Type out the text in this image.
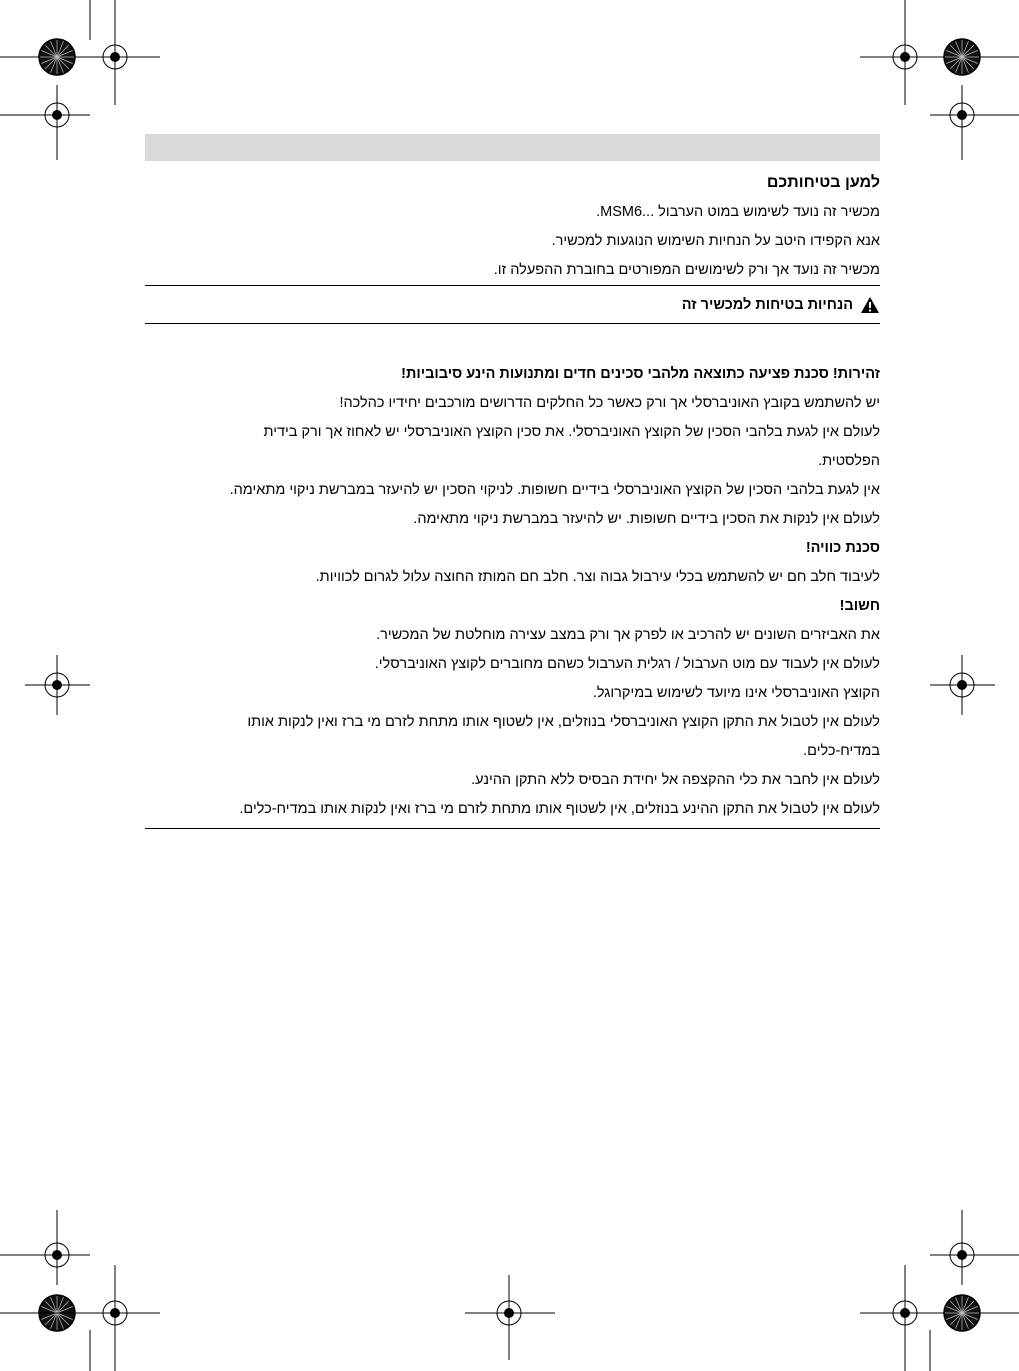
למען בטיחותכם
מכשיר זה נועד לשימוש במוט הערבול ...MSM6.
אנא הקפידו היטב על הנחיות השימוש הנוגעות למכשיר.
מכשיר זה נועד אך ורק לשימושים המפורטים בחוברת ההפעלה זו.
הנחיות בטיחות למכשיר זה
זהירות! סכנת פציעה כתוצאה מלהבי סכינים חדים ומתנועות הינע סיבוביות!
יש להשתמש בקובץ האוניברסלי אך ורק כאשר כל החלקים הדרושים מורכבים יחידיו כהלכה!
לעולם אין לגעת בלהבי הסכין של הקוצץ האוניברסלי. את סכין הקוצץ האוניברסלי יש לאחוז אך ורק בידית
הפלסטית.
אין לגעת בלהבי הסכין של הקוצץ האוניברסלי בידיים חשופות. לניקוי הסכין יש להיעזר במברשת ניקוי מתאימה.
לעולם אין לנקות את הסכין בידיים חשופות. יש להיעזר במברשת ניקוי מתאימה.
סכנת כוויה!
לעיבוד חלב חם יש להשתמש בכלי עירבול גבוה וצר. חלב חם המותז החוצה עלול לגרום לכוויות.
חשוב!
את האביזרים השונים יש להרכיב או לפרק אך ורק במצב עצירה מוחלטת של המכשיר.
לעולם אין לעבוד עם מוט הערבול / רגלית הערבול כשהם מחוברים לקוצץ האוניברסלי.
הקוצץ האוניברסלי אינו מיועד לשימוש במיקרוגל.
לעולם אין לטבול את התקן הקוצץ האוניברסלי בנוזלים, אין לשטוף אותו מתחת לזרם מי ברז ואין לנקות אותו
במדיח-כלים.
לעולם אין לחבר את כלי ההקצפה אל יחידת הבסיס ללא התקן ההינע.
לעולם אין לטבול את התקן ההינע בנוזלים, אין לשטוף אותו מתחת לזרם מי ברז ואין לנקות אותו במדיח-כלים.
